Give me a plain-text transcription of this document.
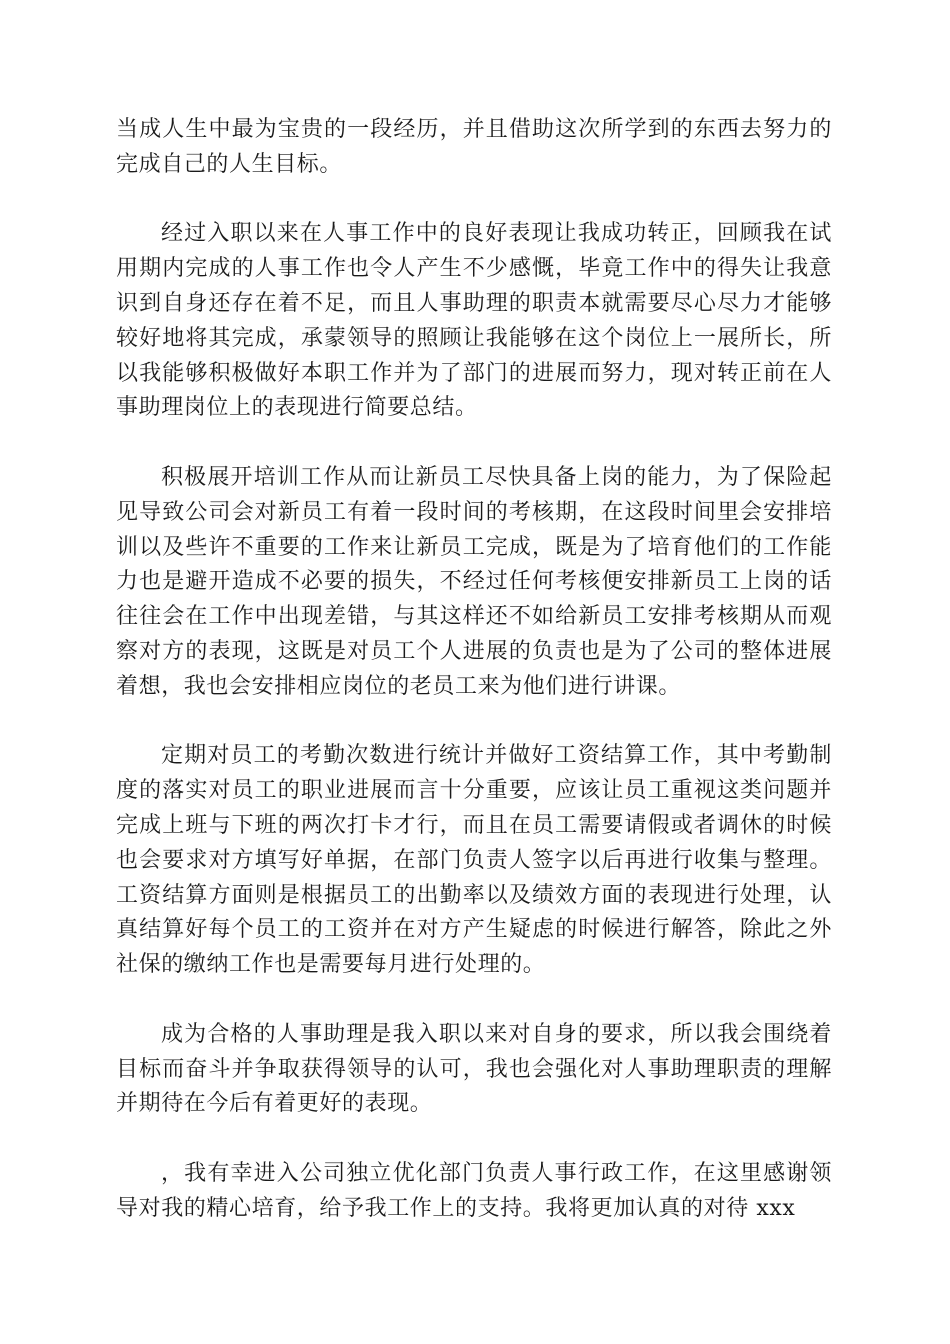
当成人生中最为宝贵的一段经历，并且借助这次所学到的东西去努力的完成自己的人生目标。

经过入职以来在人事工作中的良好表现让我成功转正，回顾我在试用期内完成的人事工作也令人产生不少感慨，毕竟工作中的得失让我意识到自身还存在着不足，而且人事助理的职责本就需要尽心尽力才能够较好地将其完成，承蒙领导的照顾让我能够在这个岗位上一展所长，所以我能够积极做好本职工作并为了部门的进展而努力，现对转正前在人事助理岗位上的表现进行简要总结。

积极展开培训工作从而让新员工尽快具备上岗的能力，为了保险起见导致公司会对新员工有着一段时间的考核期，在这段时间里会安排培训以及些许不重要的工作来让新员工完成，既是为了培育他们的工作能力也是避开造成不必要的损失，不经过任何考核便安排新员工上岗的话往往会在工作中出现差错，与其这样还不如给新员工安排考核期从而观察对方的表现，这既是对员工个人进展的负责也是为了公司的整体进展着想，我也会安排相应岗位的老员工来为他们进行讲课。

定期对员工的考勤次数进行统计并做好工资结算工作，其中考勤制度的落实对员工的职业进展而言十分重要，应该让员工重视这类问题并完成上班与下班的两次打卡才行，而且在员工需要请假或者调休的时候也会要求对方填写好单据，在部门负责人签字以后再进行收集与整理。工资结算方面则是根据员工的出勤率以及绩效方面的表现进行处理，认真结算好每个员工的工资并在对方产生疑虑的时候进行解答，除此之外社保的缴纳工作也是需要每月进行处理的。

成为合格的人事助理是我入职以来对自身的要求，所以我会围绕着目标而奋斗并争取获得领导的认可，我也会强化对人事助理职责的理解并期待在今后有着更好的表现。

，我有幸进入公司独立优化部门负责人事行政工作，在这里感谢领导对我的精心培育，给予我工作上的支持。我将更加认真的对待 xxx
